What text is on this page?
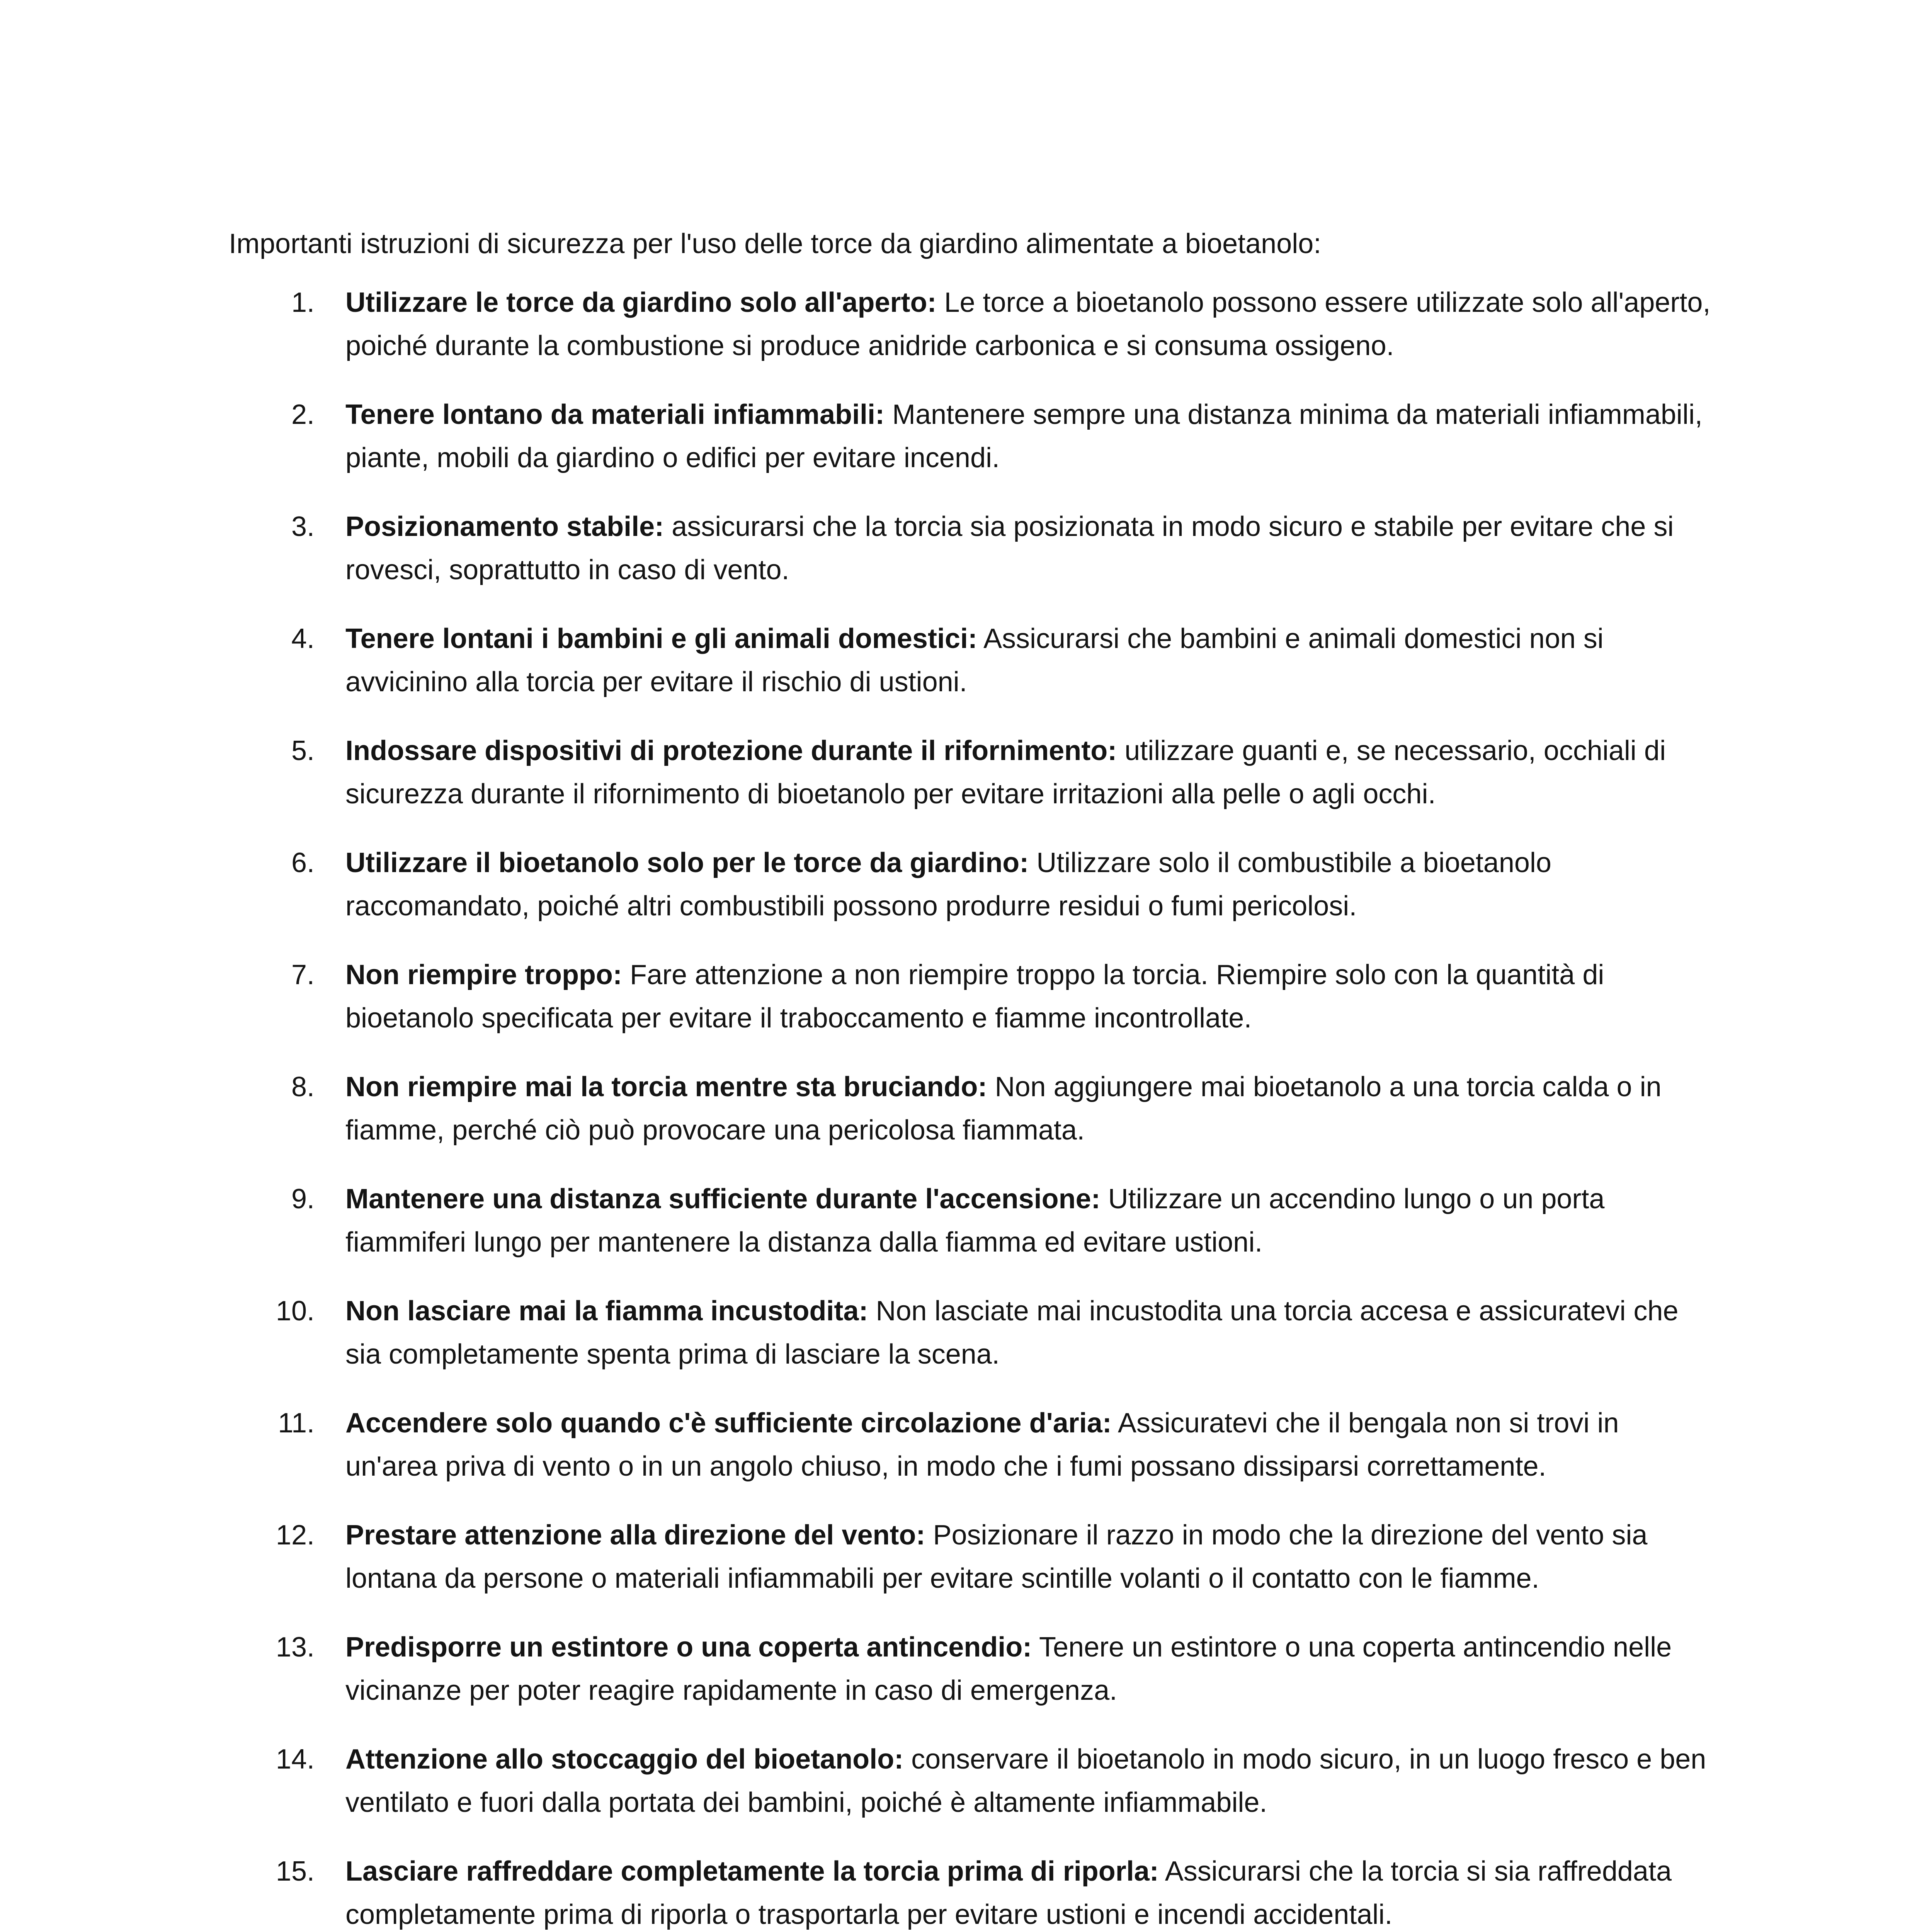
Importanti istruzioni di sicurezza per l'uso delle torce da giardino alimentate a bioetanolo:

1. Utilizzare le torce da giardino solo all'aperto: Le torce a bioetanolo possono essere utilizzate solo all'aperto, poiché durante la combustione si produce anidride carbonica e si consuma ossigeno.
2. Tenere lontano da materiali infiammabili: Mantenere sempre una distanza minima da materiali infiammabili, piante, mobili da giardino o edifici per evitare incendi.
3. Posizionamento stabile: assicurarsi che la torcia sia posizionata in modo sicuro e stabile per evitare che si rovesci, soprattutto in caso di vento.
4. Tenere lontani i bambini e gli animali domestici: Assicurarsi che bambini e animali domestici non si avvicinino alla torcia per evitare il rischio di ustioni.
5. Indossare dispositivi di protezione durante il rifornimento: utilizzare guanti e, se necessario, occhiali di sicurezza durante il rifornimento di bioetanolo per evitare irritazioni alla pelle o agli occhi.
6. Utilizzare il bioetanolo solo per le torce da giardino: Utilizzare solo il combustibile a bioetanolo raccomandato, poiché altri combustibili possono produrre residui o fumi pericolosi.
7. Non riempire troppo: Fare attenzione a non riempire troppo la torcia. Riempire solo con la quantità di bioetanolo specificata per evitare il traboccamento e fiamme incontrollate.
8. Non riempire mai la torcia mentre sta bruciando: Non aggiungere mai bioetanolo a una torcia calda o in fiamme, perché ciò può provocare una pericolosa fiammata.
9. Mantenere una distanza sufficiente durante l'accensione: Utilizzare un accendino lungo o un porta fiammiferi lungo per mantenere la distanza dalla fiamma ed evitare ustioni.
10. Non lasciare mai la fiamma incustodita: Non lasciate mai incustodita una torcia accesa e assicuratevi che sia completamente spenta prima di lasciare la scena.
11. Accendere solo quando c'è sufficiente circolazione d'aria: Assicuratevi che il bengala non si trovi in un'area priva di vento o in un angolo chiuso, in modo che i fumi possano dissiparsi correttamente.
12. Prestare attenzione alla direzione del vento: Posizionare il razzo in modo che la direzione del vento sia lontana da persone o materiali infiammabili per evitare scintille volanti o il contatto con le fiamme.
13. Predisporre un estintore o una coperta antincendio: Tenere un estintore o una coperta antincendio nelle vicinanze per poter reagire rapidamente in caso di emergenza.
14. Attenzione allo stoccaggio del bioetanolo: conservare il bioetanolo in modo sicuro, in un luogo fresco e ben ventilato e fuori dalla portata dei bambini, poiché è altamente infiammabile.
15. Lasciare raffreddare completamente la torcia prima di riporla: Assicurarsi che la torcia si sia raffreddata completamente prima di riporla o trasportarla per evitare ustioni e incendi accidentali.
